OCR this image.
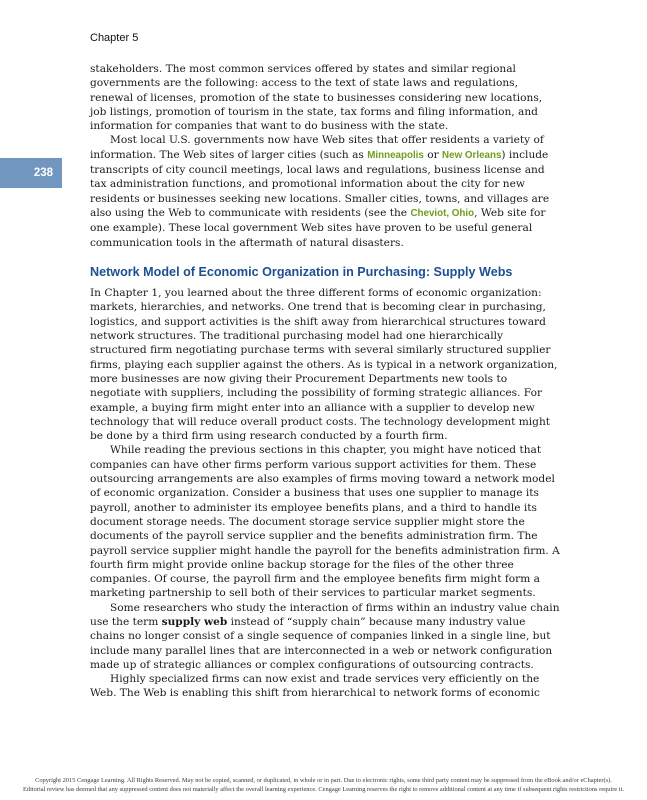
Chapter 5
238

stakeholders. The most common services offered by states and similar regional governments are the following: access to the text of state laws and regulations, renewal of licenses, promotion of the state to businesses considering new locations, job listings, promotion of tourism in the state, tax forms and filing information, and information for companies that want to do business with the state.

Most local U.S. governments now have Web sites that offer residents a variety of information. The Web sites of larger cities (such as Minneapolis or New Orleans) include transcripts of city council meetings, local laws and regulations, business license and tax administration functions, and promotional information about the city for new residents or businesses seeking new locations. Smaller cities, towns, and villages are also using the Web to communicate with residents (see the Cheviot, Ohio, Web site for one example). These local government Web sites have proven to be useful general communication tools in the aftermath of natural disasters.

Network Model of Economic Organization in Purchasing: Supply Webs

In Chapter 1, you learned about the three different forms of economic organization: markets, hierarchies, and networks. One trend that is becoming clear in purchasing, logistics, and support activities is the shift away from hierarchical structures toward network structures. The traditional purchasing model had one hierarchically structured firm negotiating purchase terms with several similarly structured supplier firms, playing each supplier against the others. As is typical in a network organization, more businesses are now giving their Procurement Departments new tools to negotiate with suppliers, including the possibility of forming strategic alliances. For example, a buying firm might enter into an alliance with a supplier to develop new technology that will reduce overall product costs. The technology development might be done by a third firm using research conducted by a fourth firm.

While reading the previous sections in this chapter, you might have noticed that companies can have other firms perform various support activities for them. These outsourcing arrangements are also examples of firms moving toward a network model of economic organization. Consider a business that uses one supplier to manage its payroll, another to administer its employee benefits plans, and a third to handle its document storage needs. The document storage service supplier might store the documents of the payroll service supplier and the benefits administration firm. The payroll service supplier might handle the payroll for the benefits administration firm. A fourth firm might provide online backup storage for the files of the other three companies. Of course, the payroll firm and the employee benefits firm might form a marketing partnership to sell both of their services to particular market segments.

Some researchers who study the interaction of firms within an industry value chain use the term supply web instead of “supply chain” because many industry value chains no longer consist of a single sequence of companies linked in a single line, but include many parallel lines that are interconnected in a web or network configuration made up of strategic alliances or complex configurations of outsourcing contracts.

Highly specialized firms can now exist and trade services very efficiently on the Web. The Web is enabling this shift from hierarchical to network forms of economic

Copyright 2015 Cengage Learning. All Rights Reserved. May not be copied, scanned, or duplicated, in whole or in part. Due to electronic rights, some third party content may be suppressed from the eBook and/or eChapter(s).
Editorial review has deemed that any suppressed content does not materially affect the overall learning experience. Cengage Learning reserves the right to remove additional content at any time if subsequent rights restrictions require it.
